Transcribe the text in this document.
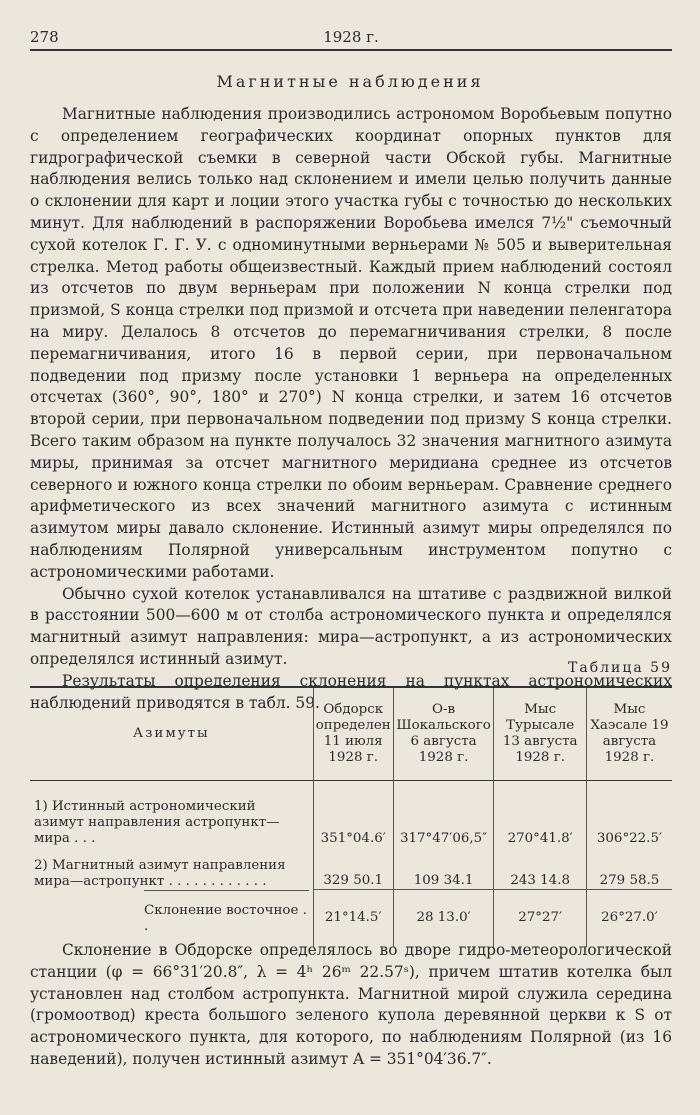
278	1928 г.
Магнитные наблюдения

Магнитные наблюдения производились астрономом Воробьевым попутно с определением географических координат опорных пунктов для гидрографической съемки в северной части Обской губы. Магнитные наблюдения велись только над склонением и имели целью получить данные о склонении для карт и лоции этого участка губы с точностью до нескольких минут. Для наблюдений в распоряжении Воробьева имелся 7½" съемочный сухой котелок Г. Г. У. с одноминутными верньерами № 505 и выверительная стрелка. Метод работы общеизвестный. Каждый прием наблюдений состоял из отсчетов по двум верньерам при положении N конца стрелки под призмой, S конца стрелки под призмой и отсчета при наведении пеленгатора на миру. Делалось 8 отсчетов до перемагничивания стрелки, 8 после перемагничивания, итого 16 в первой серии, при первоначальном подведении под призму после установки 1 верньера на определенных отсчетах (360°, 90°, 180° и 270°) N конца стрелки, и затем 16 отсчетов второй серии, при первоначальном подведении под призму S конца стрелки. Всего таким образом на пункте получалось 32 значения магнитного азимута миры, принимая за отсчет магнитного меридиана среднее из отсчетов северного и южного конца стрелки по обоим верньерам. Сравнение среднего арифметического из всех значений магнитного азимута с истинным азимутом миры давало склонение. Истинный азимут миры определялся по наблюдениям Полярной универсальным инструментом попутно с астрономическими работами.

Обычно сухой котелок устанавливался на штативе с раздвижной вилкой в расстоянии 500—600 м от столба астрономического пункта и определялся магнитный азимут направления: мира—астропункт, а из астрономических определялся истинный азимут.

Результаты определения склонения на пунктах астрономических наблюдений приводятся в табл. 59.

Таблица 59
Азимуты	Обдорск определен 11 июля 1928 г.	О-в Шокальского 6 августа 1928 г.	Мыс Турысале 13 августа 1928 г.	Мыс Хаэсале 19 августа 1928 г.
1) Истинный астрономический азимут направления астропункт—мира . . .	351°04.6′	317°47′06,5″	270°41.8′	306°22.5′
2) Магнитный азимут направления мира—астропункт . . . . . . . . . . . .	329 50.1	109 34.1	243 14.8	279 58.5

Склонение восточное . .	21°14.5′	28 13.0′	27°27′	26°27.0′

Склонение в Обдорске определялось во дворе гидро-метеорологической станции (φ = 66°31′20.8″, λ = 4ʰ 26ᵐ 22.57ˢ), причем штатив котелка был установлен над столбом астропункта. Магнитной мирой служила середина (громоотвод) креста большого зеленого купола деревянной церкви к S от астрономического пункта, для которого, по наблюдениям Полярной (из 16 наведений), получен истинный азимут A = 351°04′36.7″.
